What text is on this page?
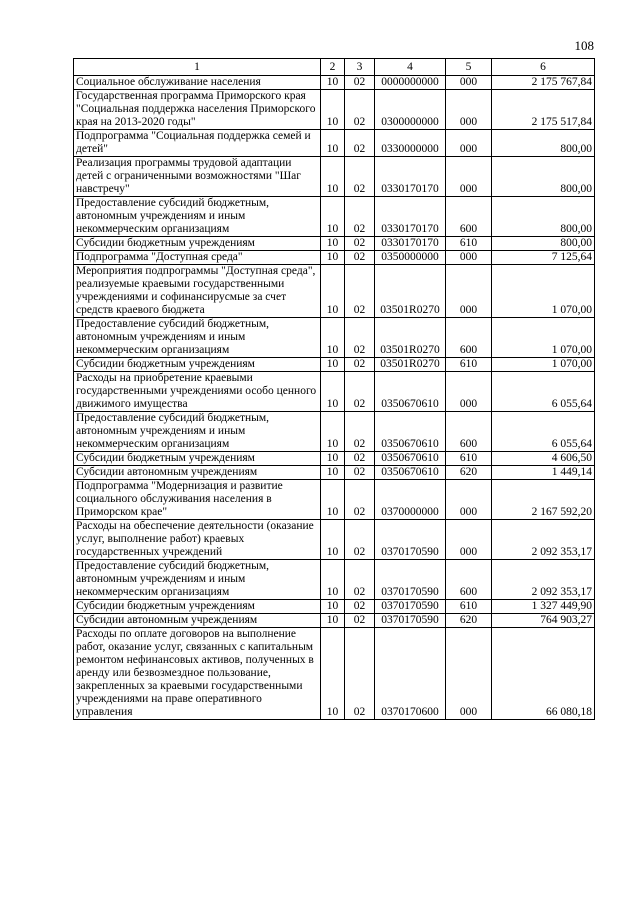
108
1	2	3	4	5	6
Социальное обслуживание населения	10	02	0000000000	000	2 175 767,84
Государственная программа Приморского края "Социальная поддержка населения Приморского края на 2013-2020 годы"	10	02	0300000000	000	2 175 517,84
Подпрограмма "Социальная поддержка семей и детей"	10	02	0330000000	000	800,00
Реализация программы трудовой адаптации детей с ограниченными возможностями "Шаг навстречу"	10	02	0330170170	000	800,00
Предоставление субсидий бюджетным, автономным учреждениям и иным некоммерческим организациям	10	02	0330170170	600	800,00
Субсидии бюджетным учреждениям	10	02	0330170170	610	800,00
Подпрограмма "Доступная среда"	10	02	0350000000	000	7 125,64
Мероприятия подпрограммы "Доступная среда", реализуемые краевыми государственными учреждениями и софинансирусмые за счет средств краевого бюджета	10	02	03501R0270	000	1 070,00
Предоставление субсидий бюджетным, автономным учреждениям и иным некоммерческим организациям	10	02	03501R0270	600	1 070,00
Субсидии бюджетным учреждениям	10	02	03501R0270	610	1 070,00
Расходы на приобретение краевыми государственными учреждениями особо ценного движимого имущества	10	02	0350670610	000	6 055,64
Предоставление субсидий бюджетным, автономным учреждениям и иным некоммерческим организациям	10	02	0350670610	600	6 055,64
Субсидии бюджетным учреждениям	10	02	0350670610	610	4 606,50
Субсидии автономным учреждениям	10	02	0350670610	620	1 449,14
Подпрограмма "Модернизация и развитие социального обслуживания населения в Приморском крае"	10	02	0370000000	000	2 167 592,20
Расходы на обеспечение деятельности (оказание услуг, выполнение работ) краевых государственных учреждений	10	02	0370170590	000	2 092 353,17
Предоставление субсидий бюджетным, автономным учреждениям и иным некоммерческим организациям	10	02	0370170590	600	2 092 353,17
Субсидии бюджетным учреждениям	10	02	0370170590	610	1 327 449,90
Субсидии автономным учреждениям	10	02	0370170590	620	764 903,27
Расходы по оплате договоров на выполнение работ, оказание услуг, связанных с капитальным ремонтом нефинансовых активов, полученных в аренду или безвозмездное пользование, закрепленных за краевыми государственными учреждениями на праве оперативного управления	10	02	0370170600	000	66 080,18
